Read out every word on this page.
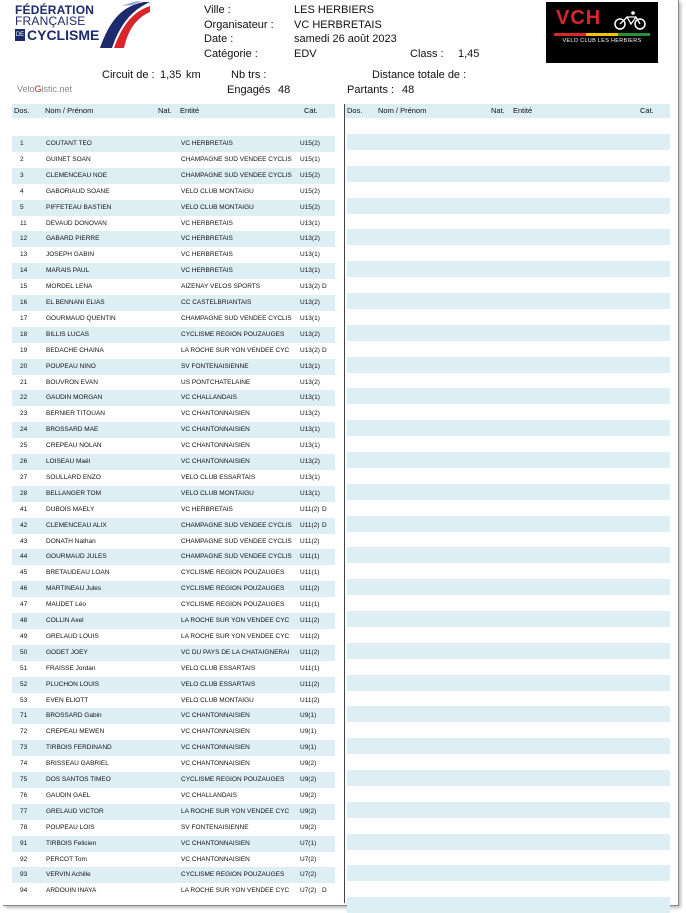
FÉDÉRATION
FRANÇAISE
DE CYCLISME
Ville :	LES HERBIERS
Organisateur : VC HERBRETAIS
Date :	samedi 26 août 2023
Catégorie :	EDV	Class : 1,45
Circuit de : 1,35 km	Nb trs :	Distance totale de :
Engagés 48	Partants : 48
VeloGistic.net
VCH
VELO CLUB LES HERBIERS
Dos. Nom / Prénom	Nat. Entité	Cat.	Dos. Nom / Prénom	Nat. Entité	Cat.
1	COUTANT TEO	VC HERBRETAIS	U15(2)
2	GUINET SOAN	CHAMPAGNE SUD VENDEE CYCLIS	U15(1)
3	CLEMENCEAU NOE	CHAMPAGNE SUD VENDEE CYCLIS	U15(2)
4	GABORIAUD SOANE	VELO CLUB MONTAIGU	U15(2)
5	PIFFETEAU BASTIEN	VELO CLUB MONTAIGU	U15(2)
11	DEVAUD DONOVAN	VC HERBRETAIS	U13(1)
12	GABARD PIERRE	VC HERBRETAIS	U13(2)
13	JOSEPH GABIN	VC HERBRETAIS	U13(1)
14	MARAIS PAUL	VC HERBRETAIS	U13(1)
15	MORDEL LENA	AIZENAY VELOS SPORTS	U13(2) D
16	EL BENNANI ELIAS	CC CASTELBRIANTAIS	U13(2)
17	GOURMAUD QUENTIN	CHAMPAGNE SUD VENDEE CYCLIS	U13(1)
18	BILLIS LUCAS	CYCLISME REGION POUZAUGES	U13(2)
19	BEDACHE CHAINA	LA ROCHE SUR YON VENDEE CYC	U13(2) D
20	POUPEAU NINO	SV FONTENAISIENNE	U13(1)
21	BOUVRON EVAN	US PONTCHATELAINE	U13(2)
22	GAUDIN MORGAN	VC CHALLANDAIS	U13(1)
23	BERNIER TITOUAN	VC CHANTONNAISIEN	U13(2)
24	BROSSARD MAE	VC CHANTONNAISIEN	U13(1)
25	CREPEAU NOLAN	VC CHANTONNAISIEN	U13(1)
26	LOISEAU Maël	VC CHANTONNAISIEN	U13(2)
27	SOULLARD ENZO	VELO CLUB ESSARTAIS	U13(1)
28	BELLANGER TOM	VELO CLUB MONTAIGU	U13(1)
41	DUBOIS MAELY	VC HERBRETAIS	U11(2) D
42	CLEMENCEAU ALIX	CHAMPAGNE SUD VENDEE CYCLIS	U11(2) D
43	DONATH Nathan	CHAMPAGNE SUD VENDEE CYCLIS	U11(2)
44	GOURMAUD JULES	CHAMPAGNE SUD VENDEE CYCLIS	U11(1)
45	BRETAUDEAU LOAN	CYCLISME REGION POUZAUGES	U11(1)
46	MARTINEAU Jules	CYCLISME REGION POUZAUGES	U11(2)
47	MAUDET Léo	CYCLISME REGION POUZAUGES	U11(1)
48	COLLIN Axel	LA ROCHE SUR YON VENDEE CYC	U11(2)
49	GRELAUD LOUIS	LA ROCHE SUR YON VENDEE CYC	U11(2)
50	GODET JOEY	VC DU PAYS DE LA CHATAIGNERAI	U11(2)
51	FRAISSE Jordan	VELO CLUB ESSARTAIS	U11(1)
52	PLUCHON LOUIS	VELO CLUB ESSARTAIS	U11(2)
53	EVEN ELIOTT	VELO CLUB MONTAIGU	U11(2)
71	BROSSARD Gabin	VC CHANTONNAISIEN	U9(1)
72	CREPEAU MEWEN	VC CHANTONNAISIEN	U9(1)
73	TIRBOIS FERDINAND	VC CHANTONNAISIEN	U9(1)
74	BRISSEAU GABRIEL	VC CHANTONNAISIEN	U9(2)
75	DOS SANTOS TIMEO	CYCLISME REGION POUZAUGES	U9(2)
76	GAUDIN GAEL	VC CHALLANDAIS	U9(2)
77	GRELAUD VICTOR	LA ROCHE SUR YON VENDEE CYC	U9(2)
78	POUPEAU LOIS	SV FONTENAISIENNE	U9(2)
91	TIRBOIS Felicien	VC CHANTONNAISIEN	U7(1)
92	PERCOT Tom	VC CHANTONNAISIEN	U7(2)
93	VERVIN Achille	CYCLISME REGION POUZAUGES	U7(2)
94	ARDOUIN INAYA	LA ROCHE SUR YON VENDEE CYC	U7(2) D
